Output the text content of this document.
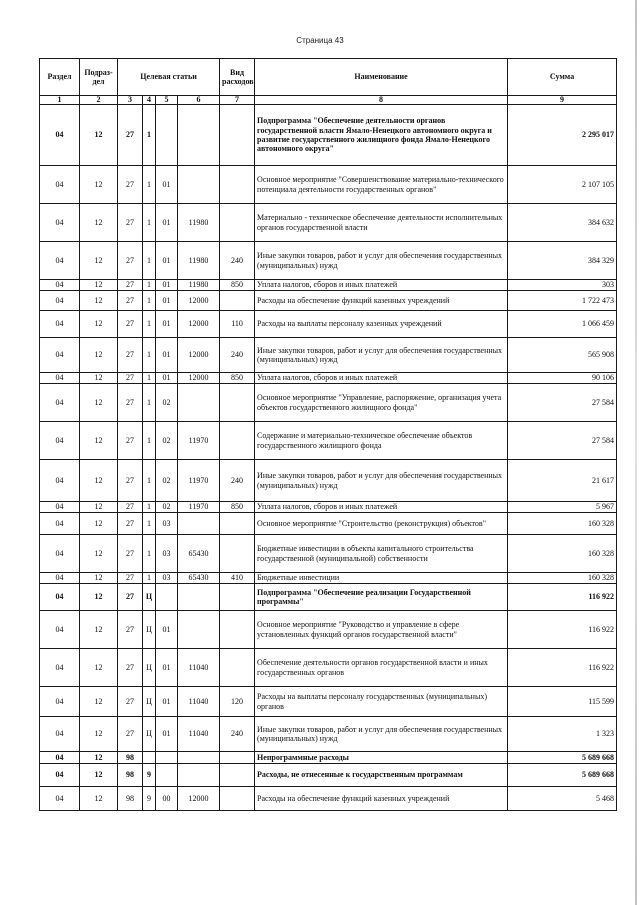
Страница 43
Раздел	Подраз-дел	Целевая статьи				Вид расходов	Наименование	Сумма
1	2	3	4	5	6	7	8	9
04	12	27	1				Подпрограмма "Обеспечение деятельности органов государственной власти Ямало-Ненецкого автономного округа и развитие государственного жилищного фонда Ямало-Ненецкого автономного округа"	2 295 017
04	12	27	1	01			Основное мероприятие "Совершенствование материально-технического потенциала деятельности государственных органов"	2 107 105
04	12	27	1	01	11980		Материально - техническое обеспечение деятельности исполнительных органов государственной власти	384 632
04	12	27	1	01	11980	240	Иные закупки товаров, работ и услуг для обеспечения государственных (муниципальных) нужд	384 329
04	12	27	1	01	11980	850	Уплата налогов, сборов и иных платежей	303
04	12	27	1	01	12000		Расходы на обеспечение функций казенных учреждений	1 722 473
04	12	27	1	01	12000	110	Расходы на выплаты персоналу казенных учреждений	1 066 459
04	12	27	1	01	12000	240	Иные закупки товаров, работ и услуг для обеспечения государственных (муниципальных) нужд	565 908
04	12	27	1	01	12000	850	Уплата налогов, сборов и иных платежей	90 106
04	12	27	1	02			Основное мероприятие "Управление, распоряжение, организация учета объектов государственного жилищного фонда"	27 584
04	12	27	1	02	11970		Содержание и материально-техническое обеспечение объектов государственного жилищного фонда	27 584
04	12	27	1	02	11970	240	Иные закупки товаров, работ и услуг для обеспечения государственных (муниципальных) нужд	21 617
04	12	27	1	02	11970	850	Уплата налогов, сборов и иных платежей	5 967
04	12	27	1	03			Основное мероприятие "Строительство (реконструкция) объектов"	160 328
04	12	27	1	03	65430		Бюджетные инвестиции в объекты капитального строительства государственной (муниципальной) собственности	160 328
04	12	27	1	03	65430	410	Бюджетные инвестиции	160 328
04	12	27	Ц				Подпрограмма "Обеспечение реализации Государственной программы"	116 922
04	12	27	Ц	01			Основное мероприятие "Руководство и управление в сфере установленных функций органов государственной власти"	116 922
04	12	27	Ц	01	11040		Обеспечение деятельности органов государственной власти и иных государственных органов	116 922
04	12	27	Ц	01	11040	120	Расходы на выплаты персоналу государственных (муниципальных) органов	115 599
04	12	27	Ц	01	11040	240	Иные закупки товаров, работ и услуг для обеспечения государственных (муниципальных) нужд	1 323
04	12	98					Непрограммные расходы	5 689 668
04	12	98	9				Расходы, не отнесенные к государственным программам	5 689 668
04	12	98	9	00	12000		Расходы на обеспечение функций казенных учреждений	5 468
